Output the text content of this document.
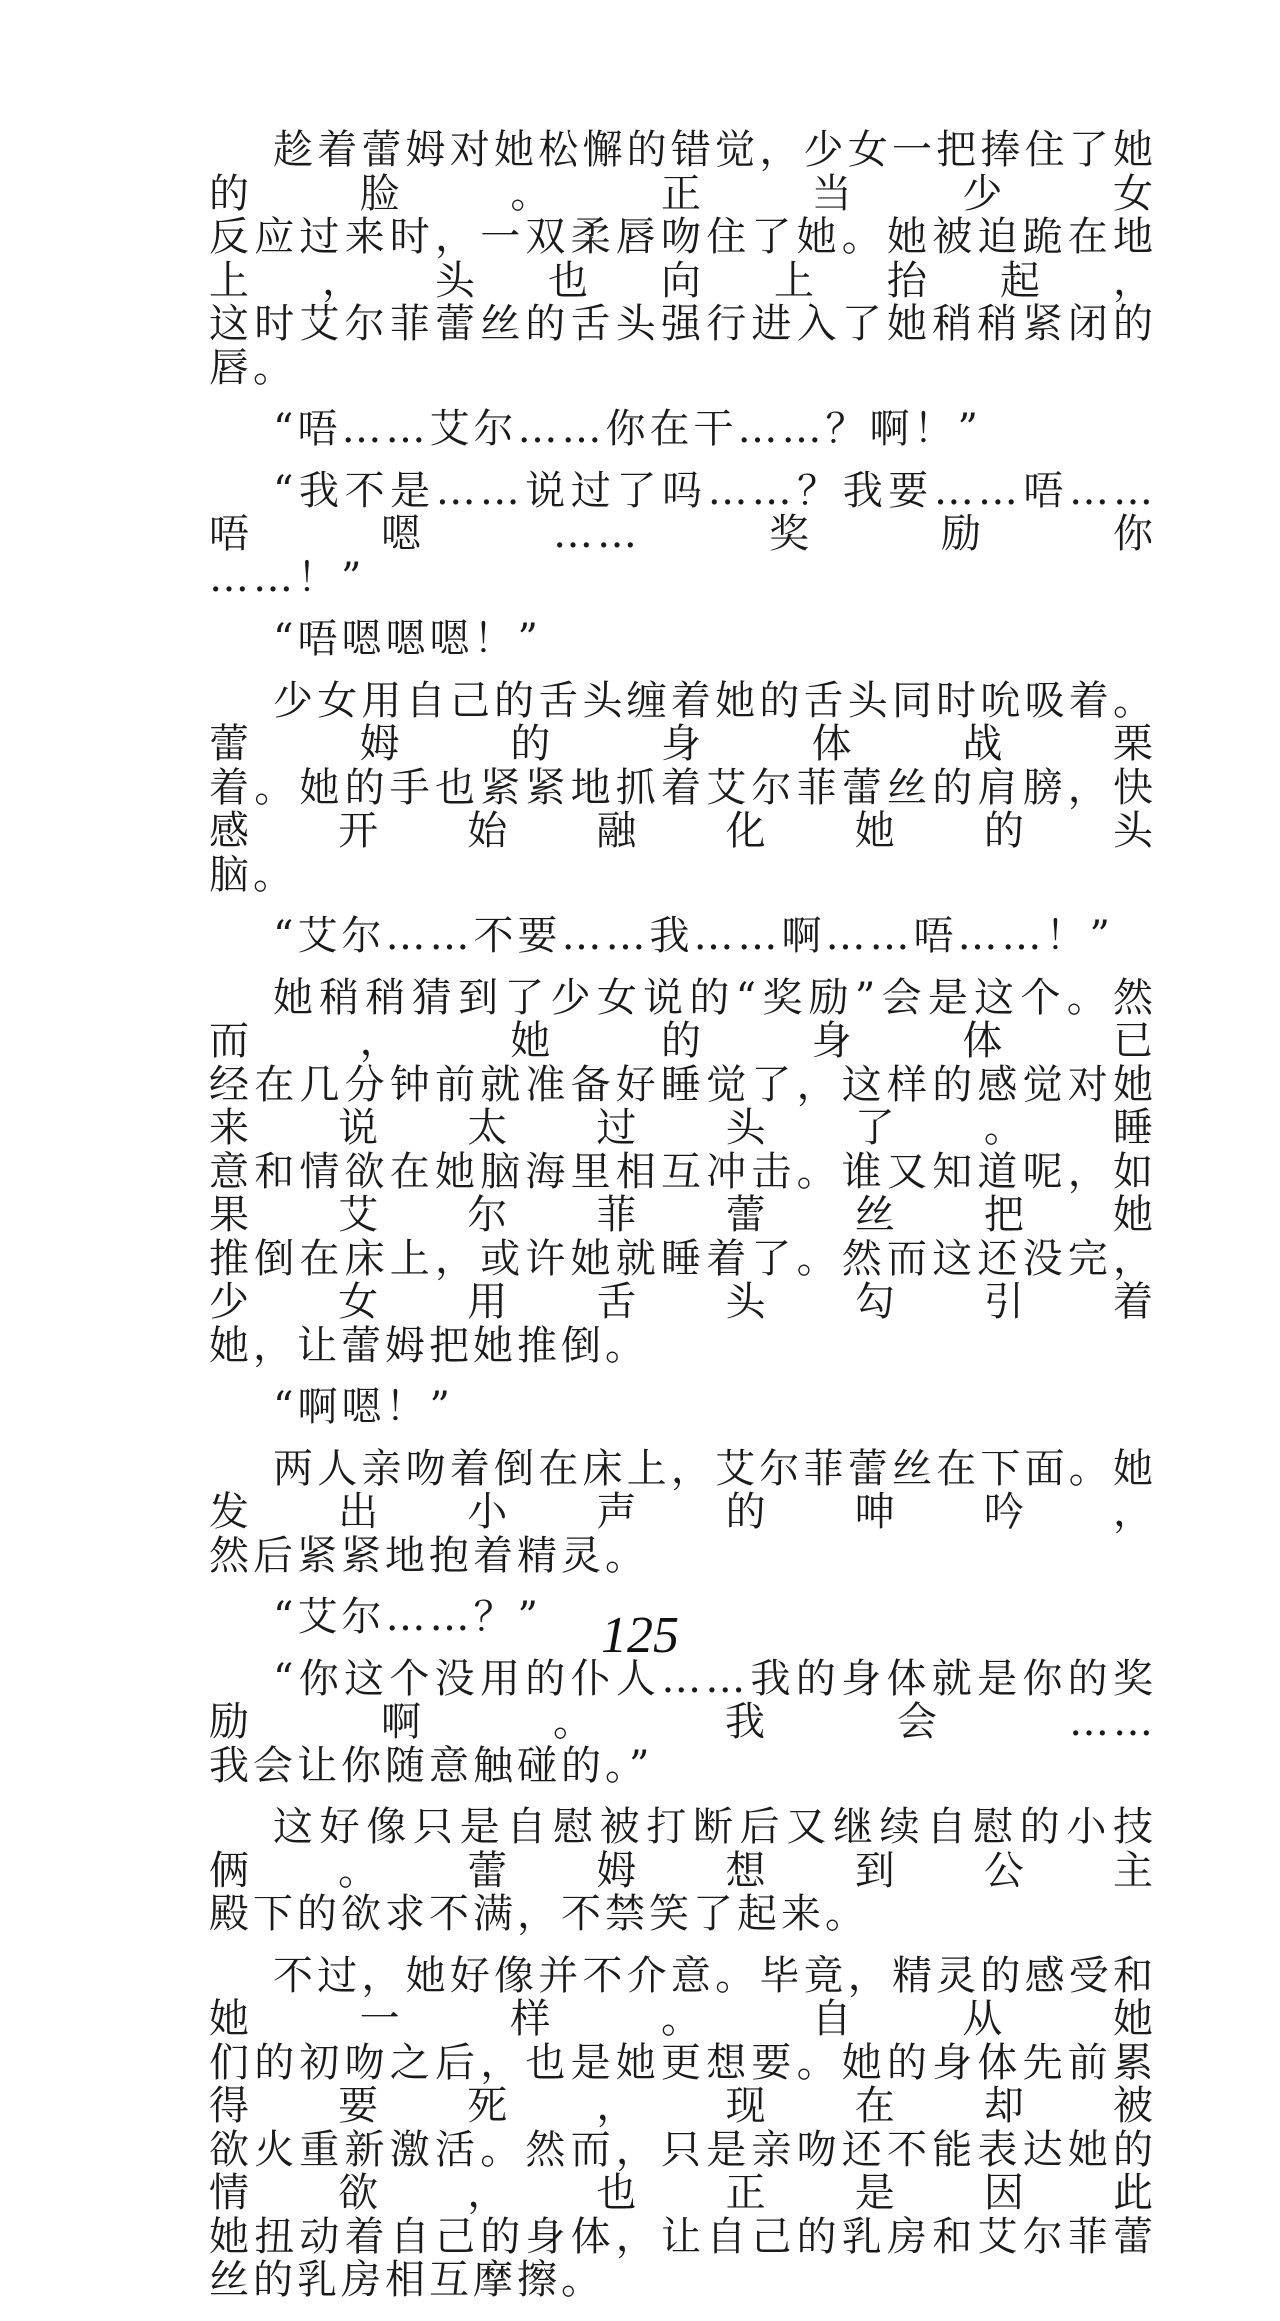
趁着蕾姆对她松懈的错觉，少女一把捧住了她的脸。正当少女
反应过来时，一双柔唇吻住了她。她被迫跪在地上，头也向上抬起，
这时艾尔菲蕾丝的舌头强行进入了她稍稍紧闭的唇。
“唔……艾尔……你在干……？啊！”
“我不是……说过了吗……？我要……唔……唔嗯……奖励你
……！”
“唔嗯嗯嗯！”
少女用自己的舌头缠着她的舌头同时吮吸着。蕾姆的身体战栗
着。她的手也紧紧地抓着艾尔菲蕾丝的肩膀，快感开始融化她的头
脑。
“艾尔……不要……我……啊……唔……！”
她稍稍猜到了少女说的“奖励”会是这个。然而，她的身体已
经在几分钟前就准备好睡觉了，这样的感觉对她来说太过头了。睡
意和情欲在她脑海里相互冲击。谁又知道呢，如果艾尔菲蕾丝把她
推倒在床上，或许她就睡着了。然而这还没完，少女用舌头勾引着
她，让蕾姆把她推倒。
“啊嗯！”
两人亲吻着倒在床上，艾尔菲蕾丝在下面。她发出小声的呻吟，
然后紧紧地抱着精灵。
“艾尔……？”
“你这个没用的仆人……我的身体就是你的奖励啊。我会……
我会让你随意触碰的。”
这好像只是自慰被打断后又继续自慰的小技俩。蕾姆想到公主
殿下的欲求不满，不禁笑了起来。
不过，她好像并不介意。毕竟，精灵的感受和她一样。自从她
们的初吻之后，也是她更想要。她的身体先前累得要死，现在却被
欲火重新激活。然而，只是亲吻还不能表达她的情欲，也正是因此
她扭动着自己的身体，让自己的乳房和艾尔菲蕾丝的乳房相互摩擦。
125
